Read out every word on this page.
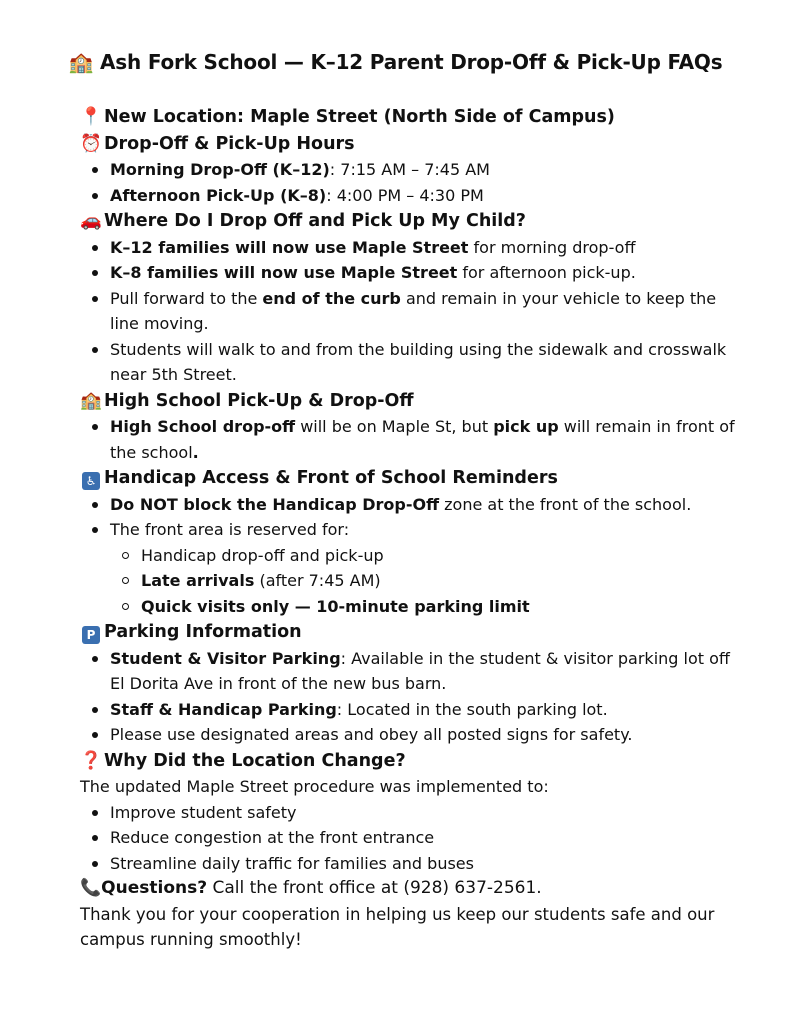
🏫 Ash Fork School — K–12 Parent Drop-Off & Pick-Up FAQs
📍 New Location: Maple Street (North Side of Campus)
⏰ Drop-Off & Pick-Up Hours
Morning Drop-Off (K–12): 7:15 AM – 7:45 AM
Afternoon Pick-Up (K–8): 4:00 PM – 4:30 PM
🚗 Where Do I Drop Off and Pick Up My Child?
K–12 families will now use Maple Street for morning drop-off
K–8 families will now use Maple Street for afternoon pick-up.
Pull forward to the end of the curb and remain in your vehicle to keep the line moving.
Students will walk to and from the building using the sidewalk and crosswalk near 5th Street.
🏫 High School Pick-Up & Drop-Off
High School drop-off will be on Maple St, but pick up will remain in front of the school.
♿ Handicap Access & Front of School Reminders
Do NOT block the Handicap Drop-Off zone at the front of the school.
The front area is reserved for:
Handicap drop-off and pick-up
Late arrivals (after 7:45 AM)
Quick visits only — 10-minute parking limit
P Parking Information
Student & Visitor Parking: Available in the student & visitor parking lot off El Dorita Ave in front of the new bus barn.
Staff & Handicap Parking: Located in the south parking lot.
Please use designated areas and obey all posted signs for safety.
❓ Why Did the Location Change?
The updated Maple Street procedure was implemented to:
Improve student safety
Reduce congestion at the front entrance
Streamline daily traffic for families and buses
📞Questions? Call the front office at (928) 637-2561.
Thank you for your cooperation in helping us keep our students safe and our campus running smoothly!
